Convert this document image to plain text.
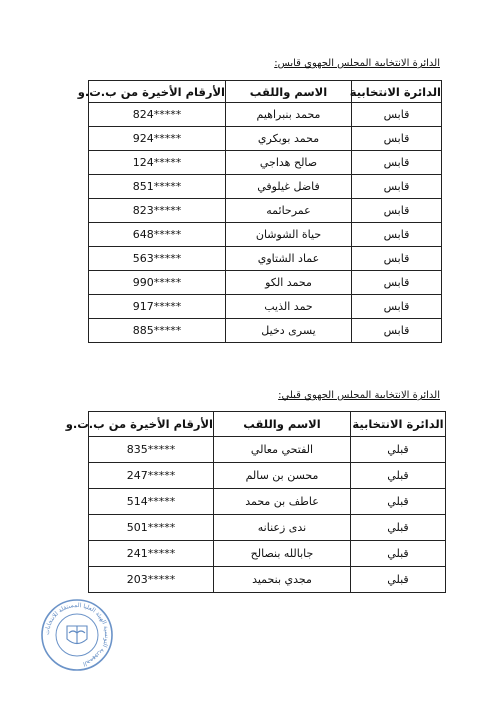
الدائرة الانتخابية المجلس الجهوي قابس:
الدائرة الانتخابية	الاسم واللقب	الأرقام الأخيرة من ب.ت.و
قابس	محمد بنبراهيم	824*****
قابس	محمد بوبكري	924*****
قابس	صالح هداجي	124*****
قابس	فاضل غيلوفي	851*****
قابس	عمرحائمه	823*****
قابس	حياة الشوشان	648*****
قابس	عماد الشتاوي	563*****
قابس	محمد الكو	990*****
قابس	حمد الذيب	917*****
قابس	يسرى دخيل	885*****
الدائرة الانتخابية المجلس الجهوي قبلي:
الدائرة الانتخابية	الاسم واللقب	الأرقام الأخيرة من ب.ت.و
قبلي	الفتحي معالي	835*****
قبلي	محسن بن سالم	247*****
قبلي	عاطف بن محمد	514*****
قبلي	ندى زعنانه	501*****
قبلي	جابالله بنصالح	241*****
قبلي	مجدي بنحميد	203*****
الجمهورية التونسية الهيئة العليا المستقلة للانتخابات
